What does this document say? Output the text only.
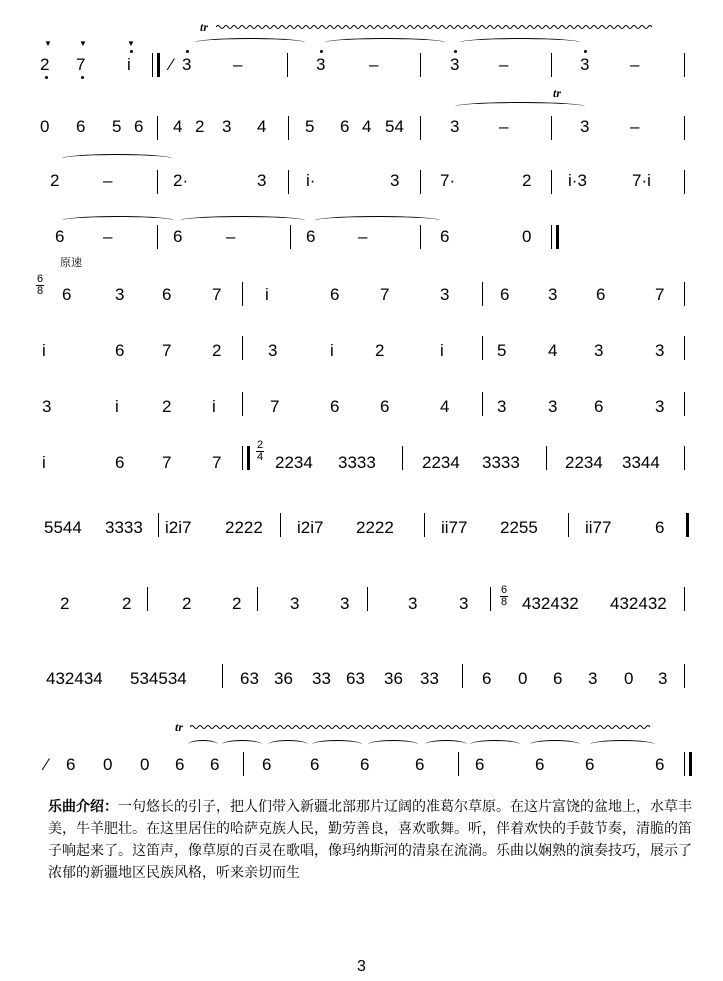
▼
2
▼
7
▼
i
tr
⁄ 3 –	3	–	3 –	3 –
0 6 5 6 4 2 3 4 5 6 4 54	3 –	3 –
tr
2	–	2·	3 i·	3 7·	2 i·3	7·i
6 –	6	–	6	–	6	0
原速
6
8 6	3 6 7	i	6 7	3	6 3 6	7
i	6 7 2	3	i 2	i	5 4 3	3
3	i	2 i	7	6 6	4	3 3 6	3
i	6 7 7
2
4 2234 3333	2234 3333	2234 3344
5544 3333 i2i7 2222 i2i7 2222	ii77 2255	ii77	6
2	2	2 2	3 3	3 3
6
8 432432 432432
432434 534534	63 36 33 63 36 33	6 0 6 3 0 3
tr
⁄ 6 0 0 6 6	6 6 6	6	6	6 6	6
乐曲介绍：一句悠长的引子，把人们带入新疆北部那片辽阔的准葛尔草原。在这片富饶的盆地上，水草丰美，牛羊肥壮。在这里居住的哈萨克族人民，勤劳善良，喜欢歌舞。听，伴着欢快的手鼓节奏，清脆的笛子响起来了。这笛声，像草原的百灵在歌唱，像玛纳斯河的清泉在流淌。乐曲以娴熟的演奏技巧，展示了浓郁的新疆地区民族风格，听来亲切而生
3
